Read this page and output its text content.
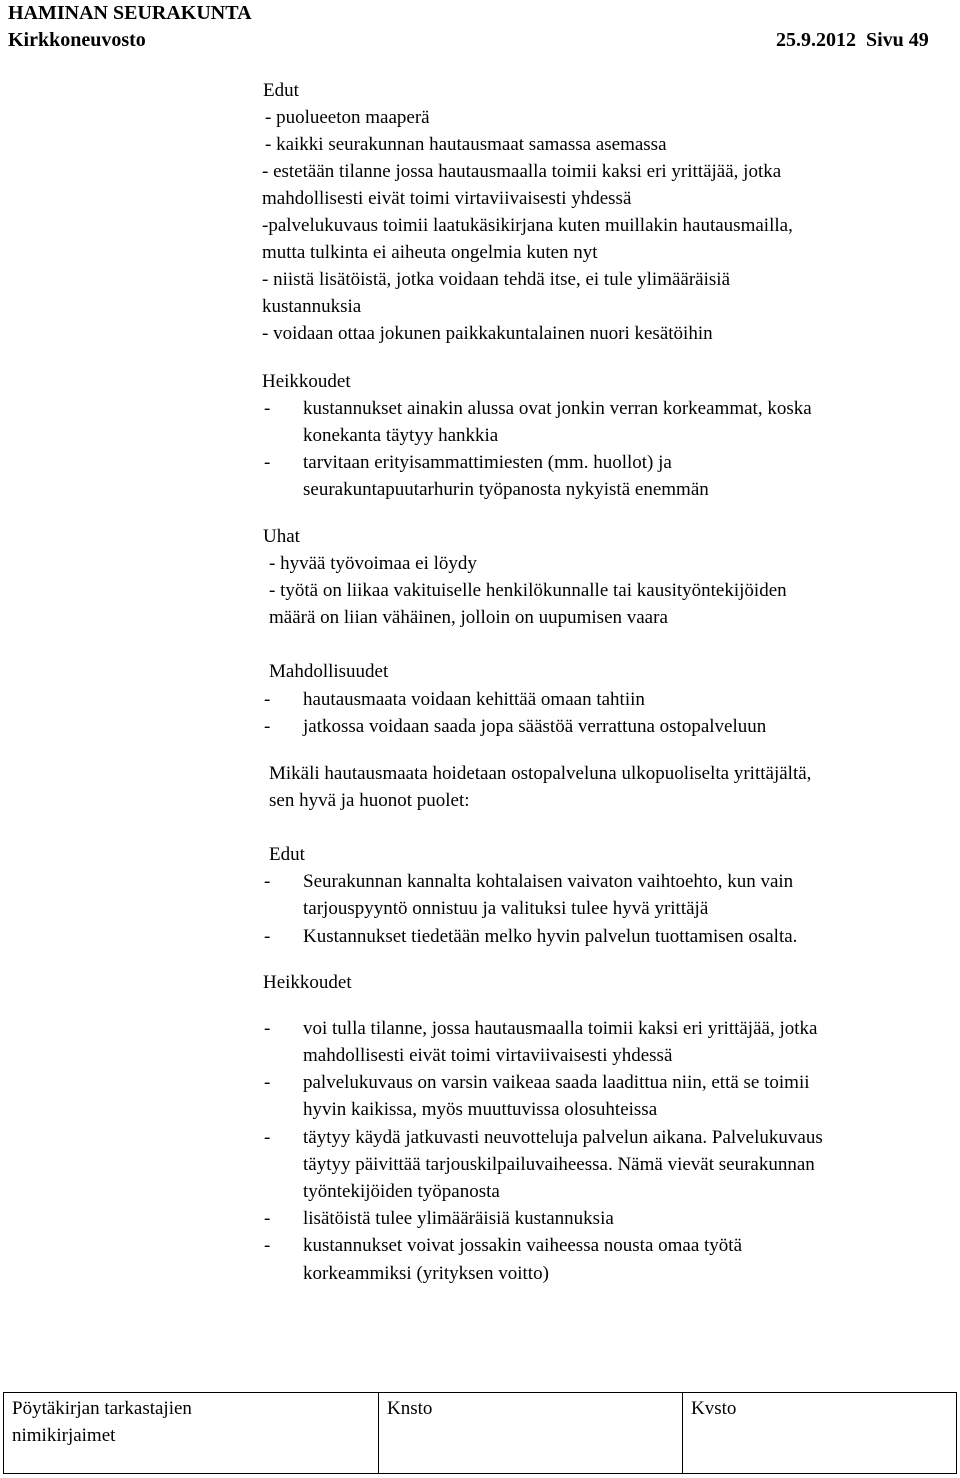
HAMINAN SEURAKUNTA
Kirkkoneuvosto	25.9.2012 Sivu 49
Edut
- puolueeton maaperä
- kaikki seurakunnan hautausmaat samassa asemassa
- estetään tilanne jossa hautausmaalla toimii kaksi eri yrittäjää, jotka
mahdollisesti eivät toimi virtaviivaisesti yhdessä
-palvelukuvaus toimii laatukäsikirjana kuten muillakin hautausmailla,
mutta tulkinta ei aiheuta ongelmia kuten nyt
- niistä lisätöistä, jotka voidaan tehdä itse, ei tule ylimääräisiä
kustannuksia
- voidaan ottaa jokunen paikkakuntalainen nuori kesätöihin
Heikkoudet
- kustannukset ainakin alussa ovat jonkin verran korkeammat, koska
konekanta täytyy hankkia
- tarvitaan erityisammattimiesten (mm. huollot) ja
seurakuntapuutarhurin työpanosta nykyistä enemmän
Uhat
- hyvää työvoimaa ei löydy
- työtä on liikaa vakituiselle henkilökunnalle tai kausityöntekijöiden
määrä on liian vähäinen, jolloin on uupumisen vaara
Mahdollisuudet
- hautausmaata voidaan kehittää omaan tahtiin
- jatkossa voidaan saada jopa säästöä verrattuna ostopalveluun
Mikäli hautausmaata hoidetaan ostopalveluna ulkopuoliselta yrittäjältä,
sen hyvä ja huonot puolet:
Edut
- Seurakunnan kannalta kohtalaisen vaivaton vaihtoehto, kun vain
tarjouspyyntö onnistuu ja valituksi tulee hyvä yrittäjä
- Kustannukset tiedetään melko hyvin palvelun tuottamisen osalta.
Heikkoudet
- voi tulla tilanne, jossa hautausmaalla toimii kaksi eri yrittäjää, jotka
mahdollisesti eivät toimi virtaviivaisesti yhdessä
- palvelukuvaus on varsin vaikeaa saada laadittua niin, että se toimii
hyvin kaikissa, myös muuttuvissa olosuhteissa
- täytyy käydä jatkuvasti neuvotteluja palvelun aikana. Palvelukuvaus
täytyy päivittää tarjouskilpailuvaiheessa. Nämä vievät seurakunnan
työntekijöiden työpanosta
- lisätöistä tulee ylimääräisiä kustannuksia
- kustannukset voivat jossakin vaiheessa nousta omaa työtä
korkeammiksi (yrityksen voitto)
Pöytäkirjan tarkastajien
nimikirjaimet
Knsto	Kvsto
